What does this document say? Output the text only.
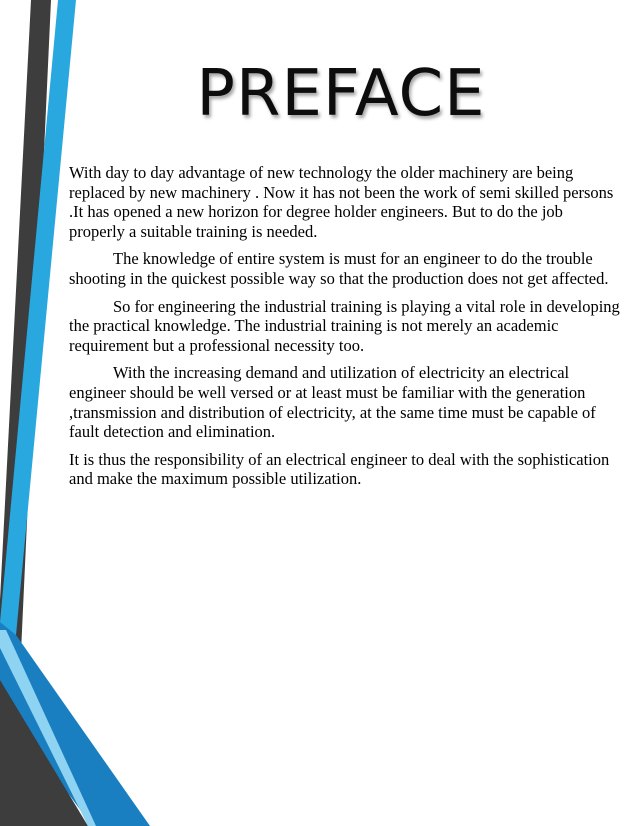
PREFACE

With day to day advantage of new technology the older machinery are being replaced by new machinery . Now it has not been the work of semi skilled persons .It has opened a new horizon for degree holder engineers. But to do the job properly a suitable training is needed.

The knowledge of entire system is must for an engineer to do the trouble shooting in the quickest possible way so that the production does not get affected.

So for engineering the industrial training is playing a vital role in developing the practical knowledge. The industrial training is not merely an academic requirement but a professional necessity too.

With the increasing demand and utilization of electricity an electrical engineer should be well versed or at least must be familiar with the generation ,transmission and distribution of electricity, at the same time must be capable of fault detection and elimination.

It is thus the responsibility of an electrical engineer to deal with the sophistication and make the maximum possible utilization.
